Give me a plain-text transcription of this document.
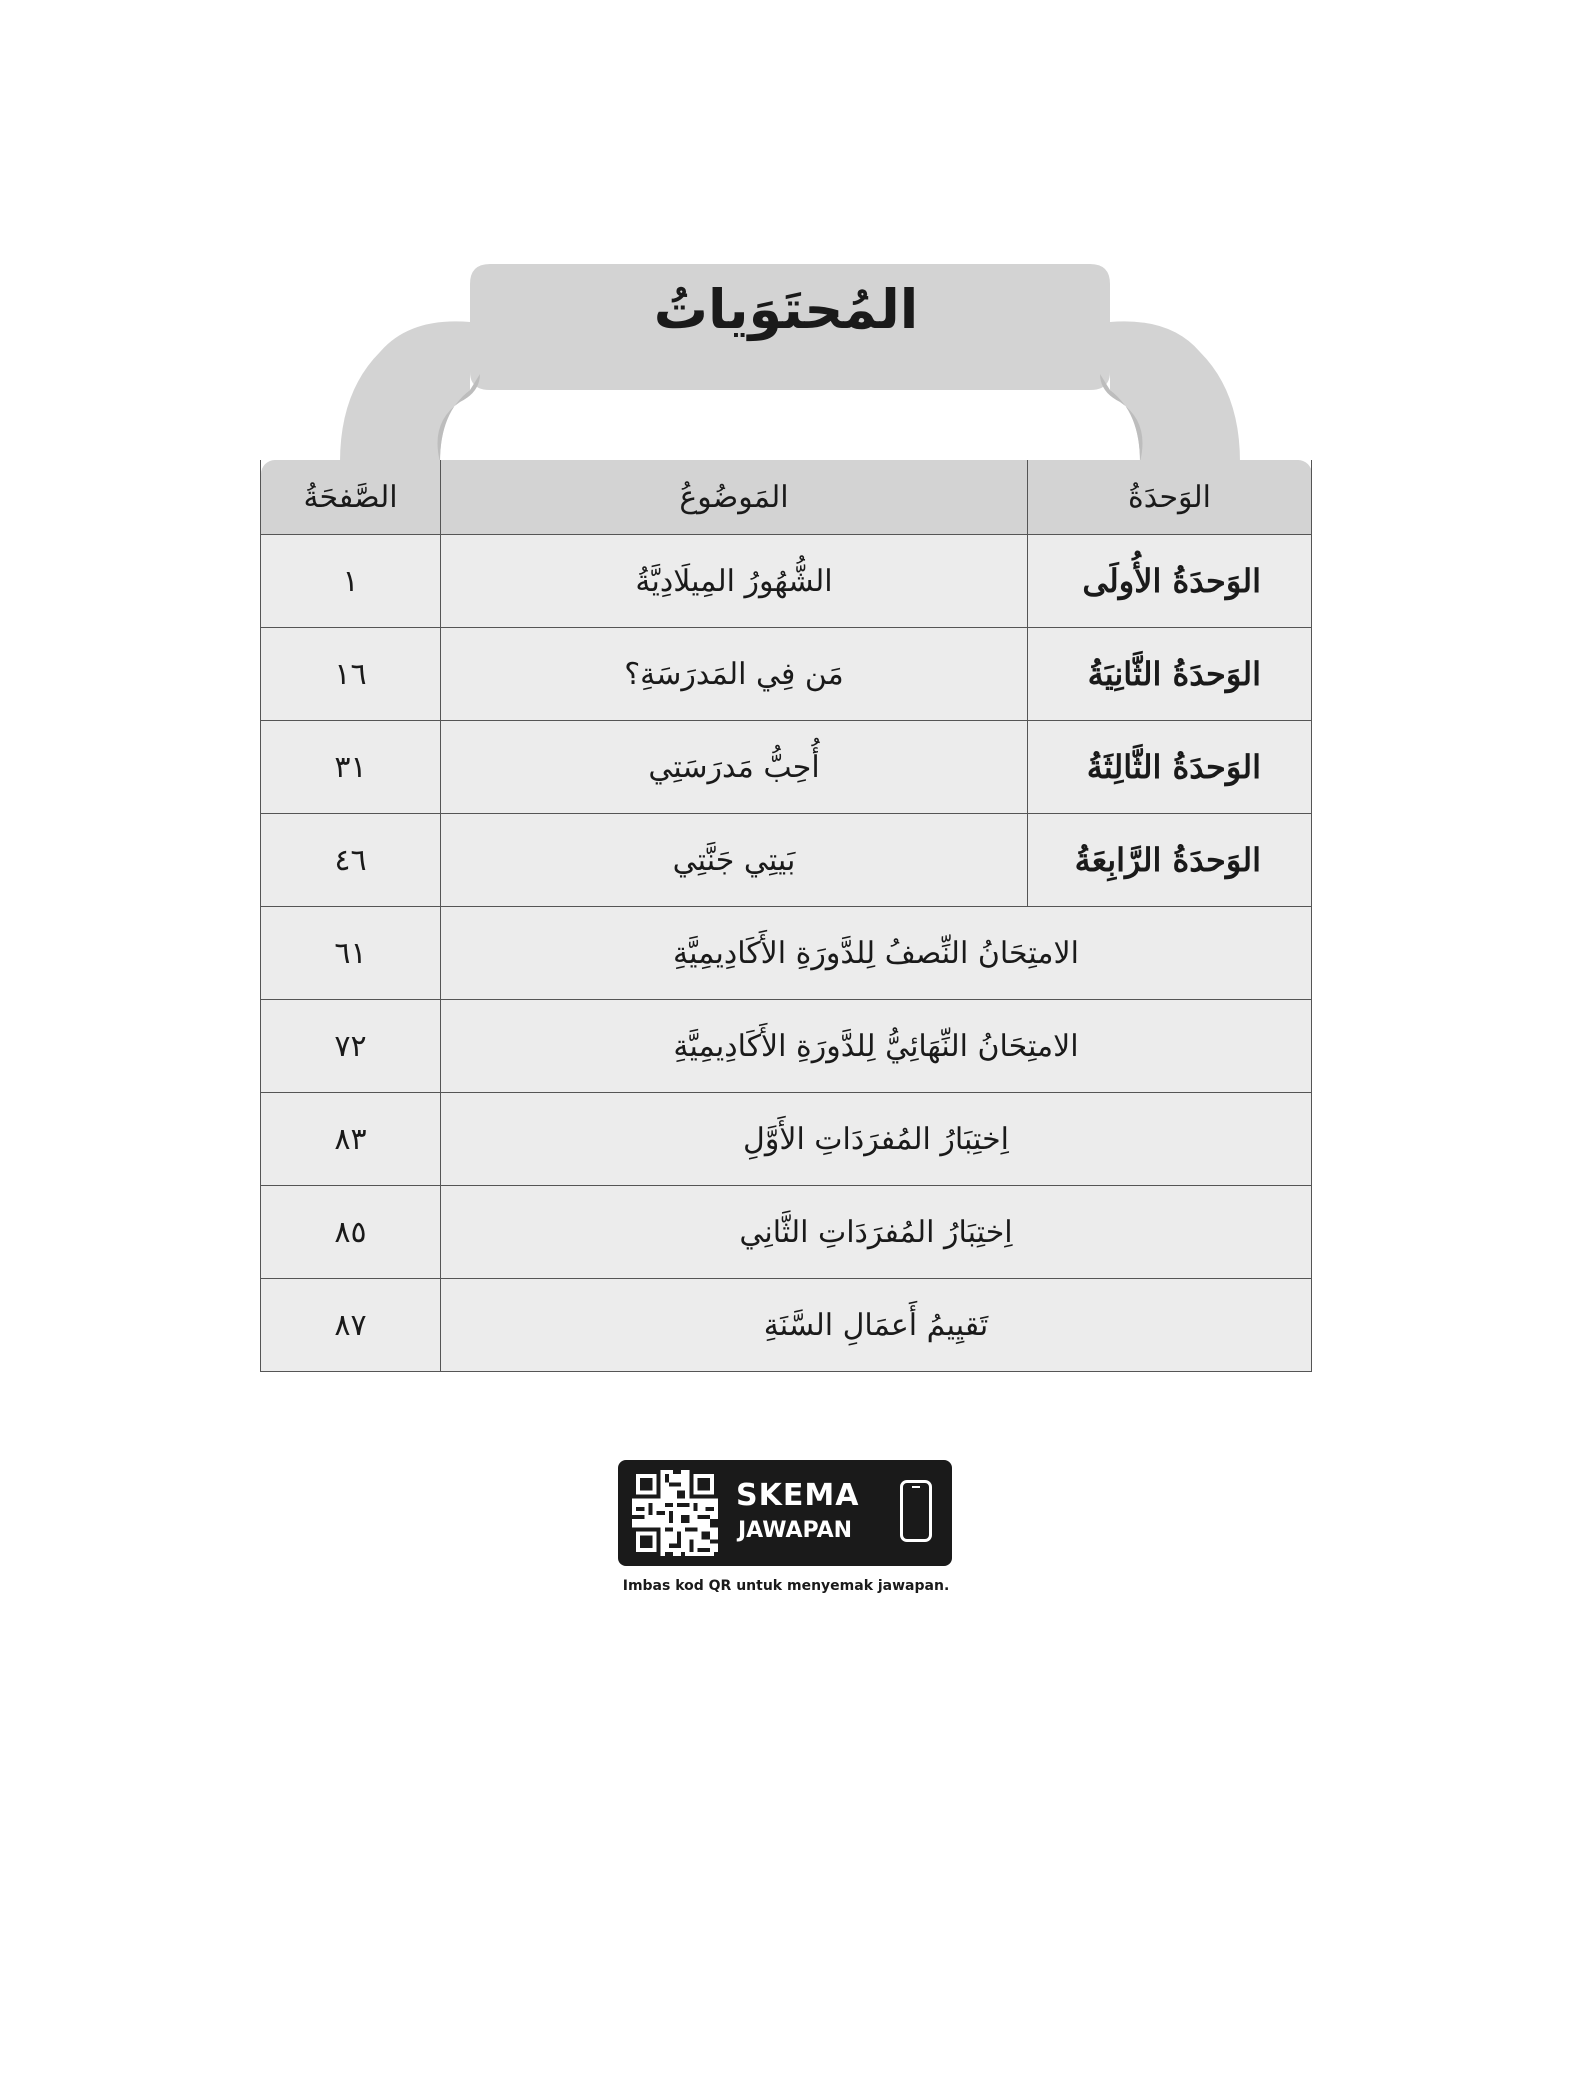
المُحتَوَياتُ
الوَحدَةُ	المَوضُوعُ	الصَّفحَةُ
الوَحدَةُ الأُولَى	الشُّهُورُ المِيلَادِيَّةُ	١
الوَحدَةُ الثَّانِيَةُ	مَن فِي المَدرَسَةِ؟	١٦
الوَحدَةُ الثَّالِثَةُ	أُحِبُّ مَدرَسَتِي	٣١
الوَحدَةُ الرَّابِعَةُ	بَيتِي جَنَّتِي	٤٦
الامتِحَانُ النِّصفُ لِلدَّورَةِ الأَكَادِيمِيَّةِ		٦١
الامتِحَانُ النِّهَائِيُّ لِلدَّورَةِ الأَكَادِيمِيَّةِ		٧٢
اِختِبَارُ المُفرَدَاتِ الأَوَّلِ		٨٣
اِختِبَارُ المُفرَدَاتِ الثَّانِي		٨٥
تَقيِيمُ أَعمَالِ السَّنَةِ		٨٧
SKEMA
JAWAPAN
Imbas kod QR untuk menyemak jawapan.
